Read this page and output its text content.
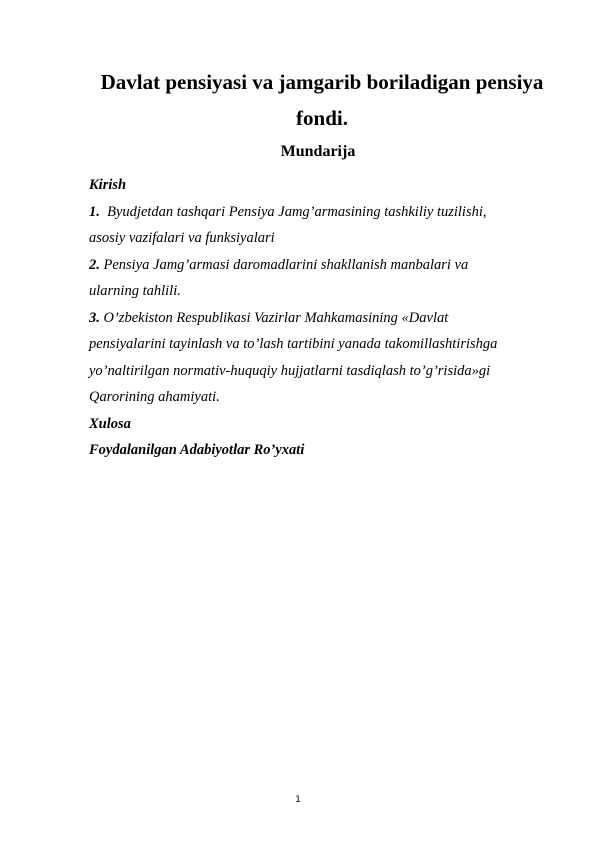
Davlat pensiyasi va jamgarib boriladigan pensiya fondi.
Mundarija
Kirish
1. Byudjetdan tashqari Pensiya Jamg’armasining tashkiliy tuzilishi,
asosiy vazifalari va funksiyalari
2. Pensiya Jamg’armasi daromadlarini shakllanish manbalari va
ularning tahlili.
3. O’zbekiston Respublikasi Vazirlar Mahkamasining «Davlat
pensiyalarini tayinlash va to’lash tartibini yanada takomillashtirishga
yo’naltirilgan normativ-huquqiy hujjatlarni tasdiqlash to’g’risida»gi
Qarorining ahamiyati.
Xulosa
Foydalanilgan Adabiyotlar Ro’yxati
1
